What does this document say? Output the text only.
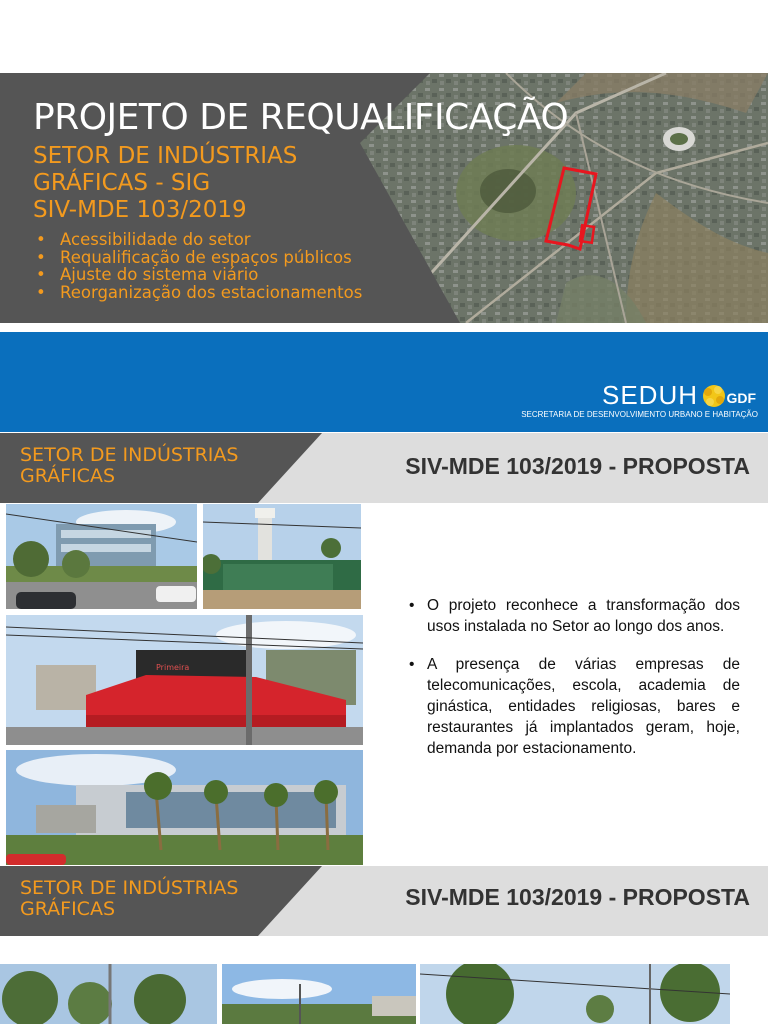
PROJETO DE REQUALIFICAÇÃO
SETOR DE INDÚSTRIAS
GRÁFICAS - SIG
SIV-MDE 103/2019
• Acessibilidade do setor
• Requalificação de espaços públicos
• Ajuste do sistema viário
• Reorganização dos estacionamentos
SEDUH GDF
SECRETARIA DE DESENVOLVIMENTO URBANO E HABITAÇÃO
SETOR DE INDÚSTRIAS
GRÁFICAS	SIV-MDE 103/2019 - PROPOSTA
Primeira
• O projeto reconhece a transformação dos usos instalada no Setor ao longo dos anos.
• A presença de várias empresas de telecomunicações, escola, academia de ginástica, entidades religiosas, bares e restaurantes já implantados geram, hoje, demanda por estacionamento.
SETOR DE INDÚSTRIAS
GRÁFICAS	SIV-MDE 103/2019 - PROPOSTA
